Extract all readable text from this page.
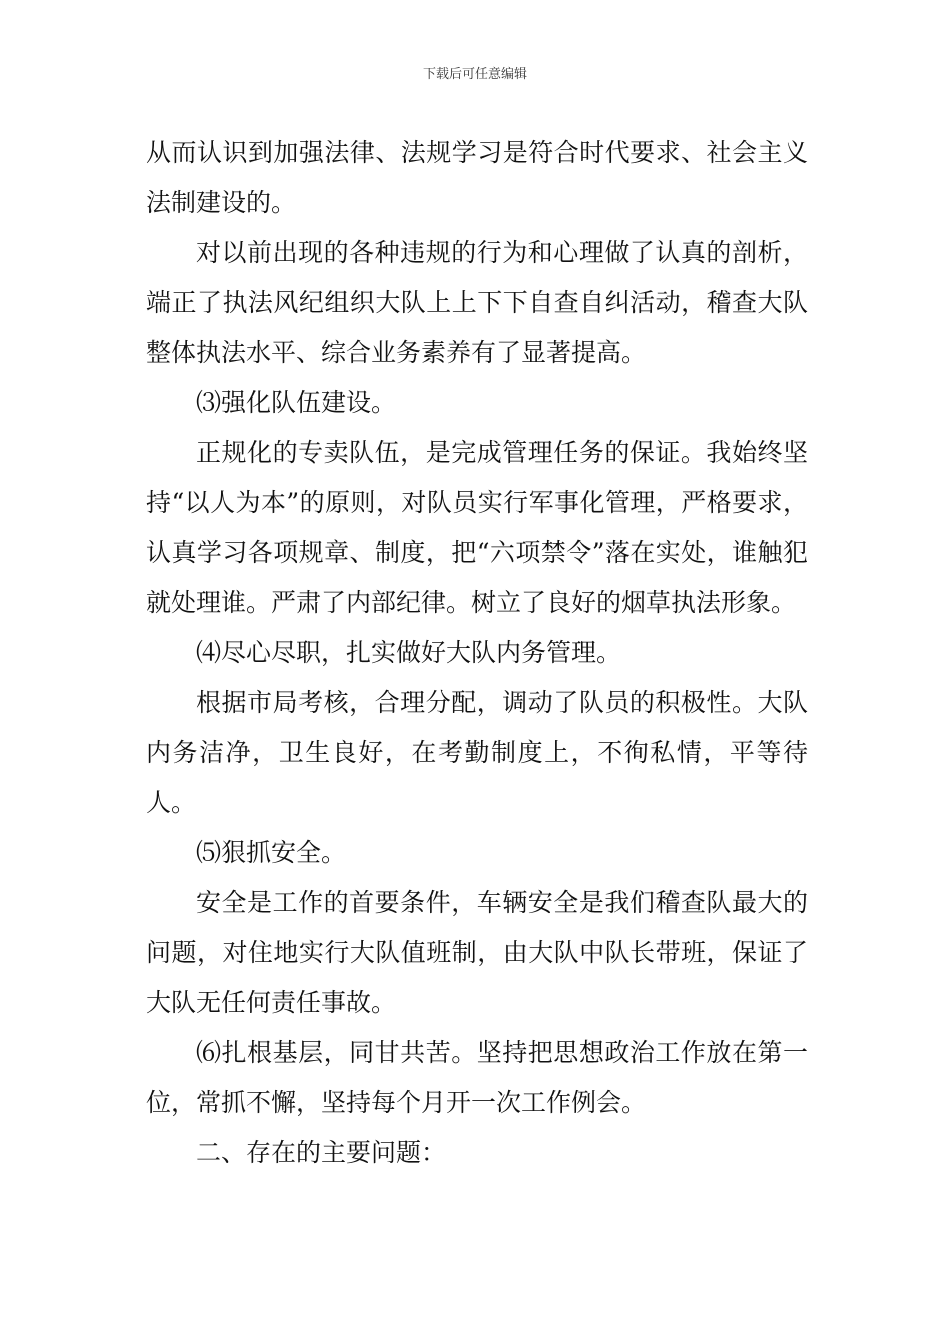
下载后可任意编辑

从而认识到加强法律、法规学习是符合时代要求、社会主义法制建设的。

对以前出现的各种违规的行为和心理做了认真的剖析，端正了执法风纪组织大队上上下下自查自纠活动，稽查大队整体执法水平、综合业务素养有了显著提高。

⑶强化队伍建设。

正规化的专卖队伍，是完成管理任务的保证。我始终坚持“以人为本”的原则，对队员实行军事化管理，严格要求，认真学习各项规章、制度，把“六项禁令”落在实处，谁触犯就处理谁。严肃了内部纪律。树立了良好的烟草执法形象。

⑷尽心尽职，扎实做好大队内务管理。

根据市局考核，合理分配，调动了队员的积极性。大队内务洁净，卫生良好，在考勤制度上，不徇私情，平等待人。

⑸狠抓安全。

安全是工作的首要条件，车辆安全是我们稽查队最大的问题，对住地实行大队值班制，由大队中队长带班，保证了大队无任何责任事故。

⑹扎根基层，同甘共苦。坚持把思想政治工作放在第一位，常抓不懈，坚持每个月开一次工作例会。

二、存在的主要问题：
